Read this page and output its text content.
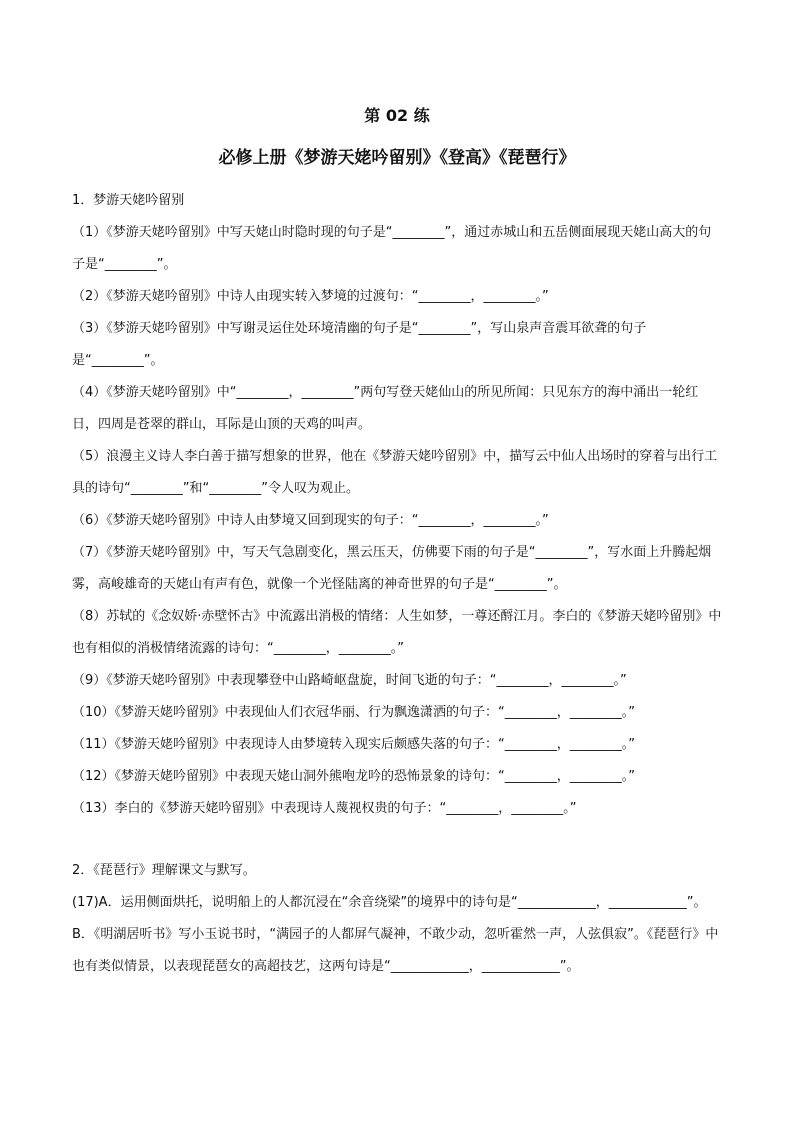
第 02 练
必修上册《梦游天姥吟留别》《登高》《琵琶行》

1．梦游天姥吟留别

（1）《梦游天姥吟留别》中写天姥山时隐时现的句子是“________”，通过赤城山和五岳侧面展现天姥山高大的句子是“________”。

（2）《梦游天姥吟留别》中诗人由现实转入梦境的过渡句：“________，________。”

（3）《梦游天姥吟留别》中写谢灵运住处环境清幽的句子是“________”，写山泉声音震耳欲聋的句子是“________”。

（4）《梦游天姥吟留别》中“________，________”两句写登天姥仙山的所见所闻：只见东方的海中涌出一轮红日，四周是苍翠的群山，耳际是山顶的天鸡的叫声。

（5）浪漫主义诗人李白善于描写想象的世界，他在《梦游天姥吟留别》中，描写云中仙人出场时的穿着与出行工具的诗句“________”和“________”令人叹为观止。

（6）《梦游天姥吟留别》中诗人由梦境又回到现实的句子：“________，________。”

（7）《梦游天姥吟留别》中，写天气急剧变化，黑云压天，仿佛要下雨的句子是“________”，写水面上升腾起烟雾，高峻雄奇的天姥山有声有色，就像一个光怪陆离的神奇世界的句子是“________”。

（8）苏轼的《念奴娇·赤壁怀古》中流露出消极的情绪：人生如梦，一尊还酹江月。李白的《梦游天姥吟留别》中也有相似的消极情绪流露的诗句：“________，________。”

（9）《梦游天姥吟留别》中表现攀登中山路崎岖盘旋，时间飞逝的句子：“________，________。”

（10）《梦游天姥吟留别》中表现仙人们衣冠华丽、行为飘逸潇洒的句子：“________，________。”

（11）《梦游天姥吟留别》中表现诗人由梦境转入现实后颇感失落的句子：“________，________。”

（12）《梦游天姥吟留别》中表现天姥山洞外熊咆龙吟的恐怖景象的诗句：“________，________。”

（13）李白的《梦游天姥吟留别》中表现诗人蔑视权贵的句子：“________，________。”

2．《琵琶行》理解课文与默写。

(17)A．运用侧面烘托，说明船上的人都沉浸在“余音绕梁”的境界中的诗句是“____________，____________”。

B．《明湖居听书》写小玉说书时，“满园子的人都屏气凝神，不敢少动，忽听霍然一声，人弦俱寂”。《琵琶行》中也有类似情景，以表现琵琶女的高超技艺，这两句诗是“____________，____________”。
